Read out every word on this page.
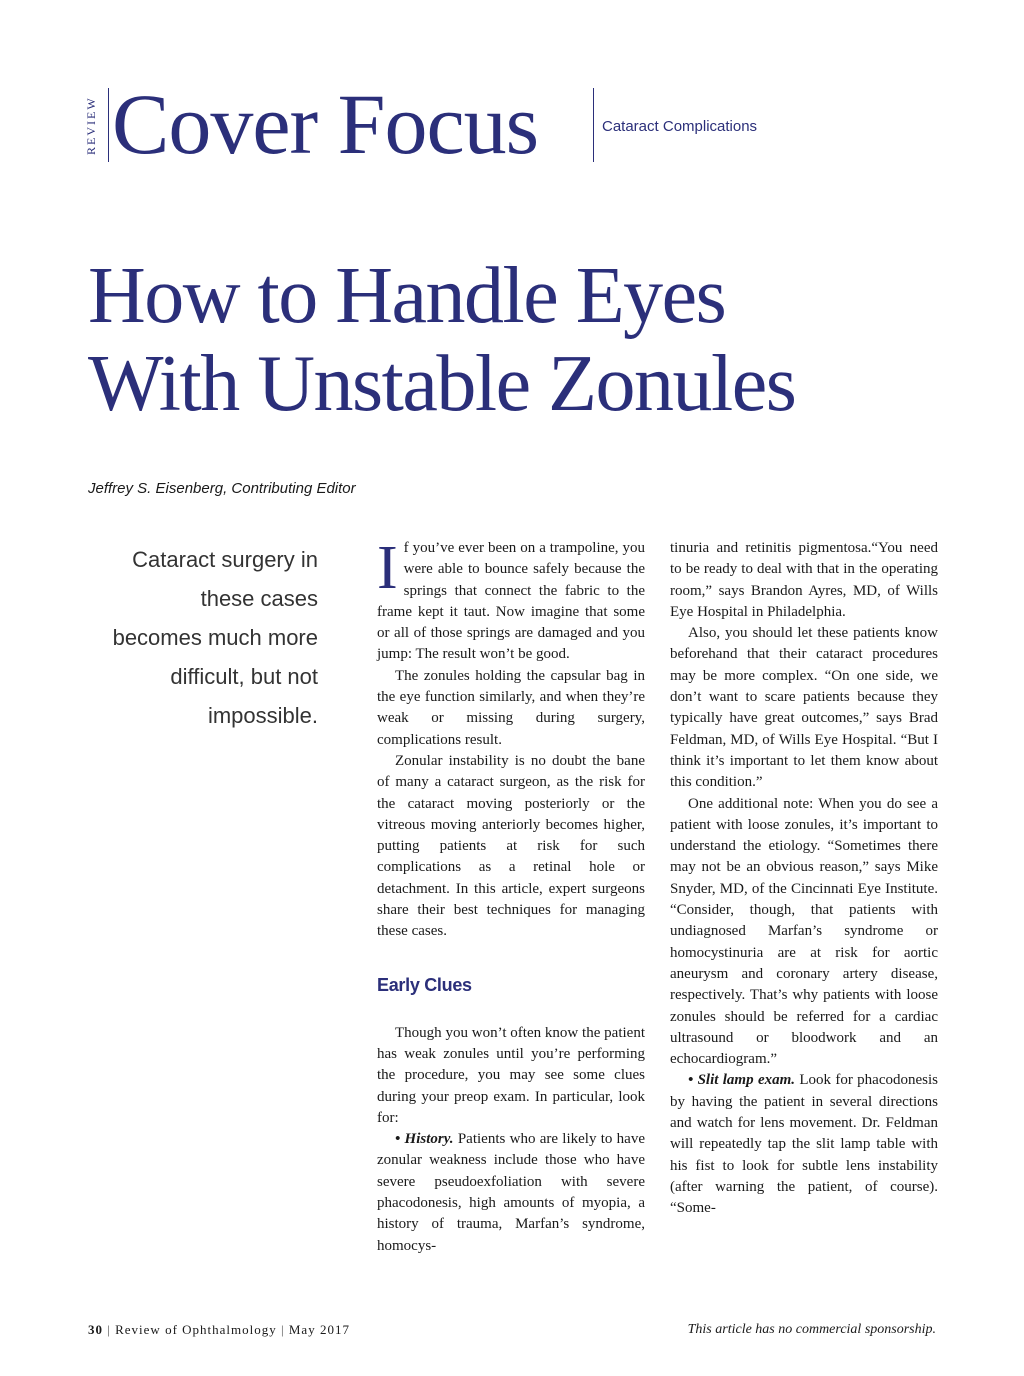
REVIEW Cover Focus	Cataract Complications
How to Handle Eyes
With Unstable Zonules
Jeffrey S. Eisenberg, Contributing Editor
Cataract surgery in these cases becomes much more difficult, but not impossible.

If you’ve ever been on a trampoline, you were able to bounce safely because the springs that connect the fabric to the frame kept it taut. Now imagine that some or all of those springs are damaged and you jump: The result won’t be good.

The zonules holding the capsular bag in the eye function similarly, and when they’re weak or missing during surgery, complications result.

Zonular instability is no doubt the bane of many a cataract surgeon, as the risk for the cataract moving posteriorly or the vitreous moving anteriorly becomes higher, putting patients at risk for such complications as a retinal hole or detachment. In this article, expert surgeons share their best techniques for managing these cases.

Early Clues

Though you won’t often know the patient has weak zonules until you’re performing the procedure, you may see some clues during your preop exam. In particular, look for:

• History. Patients who are likely to have zonular weakness include those who have severe pseudoexfoliation with severe phacodonesis, high amounts of myopia, a history of trauma, Marfan’s syndrome, homocys-

tinuria and retinitis pigmentosa.“You need to be ready to deal with that in the operating room,” says Brandon Ayres, MD, of Wills Eye Hospital in Philadelphia.

Also, you should let these patients know beforehand that their cataract procedures may be more complex. “On one side, we don’t want to scare patients because they typically have great outcomes,” says Brad Feldman, MD, of Wills Eye Hospital. “But I think it’s important to let them know about this condition.”

One additional note: When you do see a patient with loose zonules, it’s important to understand the etiology. “Sometimes there may not be an obvious reason,” says Mike Snyder, MD, of the Cincinnati Eye Institute. “Consider, though, that patients with undiagnosed Marfan’s syndrome or homocystinuria are at risk for aortic aneurysm and coronary artery disease, respectively. That’s why patients with loose zonules should be referred for a cardiac ultrasound or bloodwork and an echocardiogram.”

• Slit lamp exam. Look for phacodonesis by having the patient in several directions and watch for lens movement. Dr. Feldman will repeatedly tap the slit lamp table with his fist to look for subtle lens instability (after warning the patient, of course). “Some-

30 | Review of Ophthalmology | May 2017	This article has no commercial sponsorship.
